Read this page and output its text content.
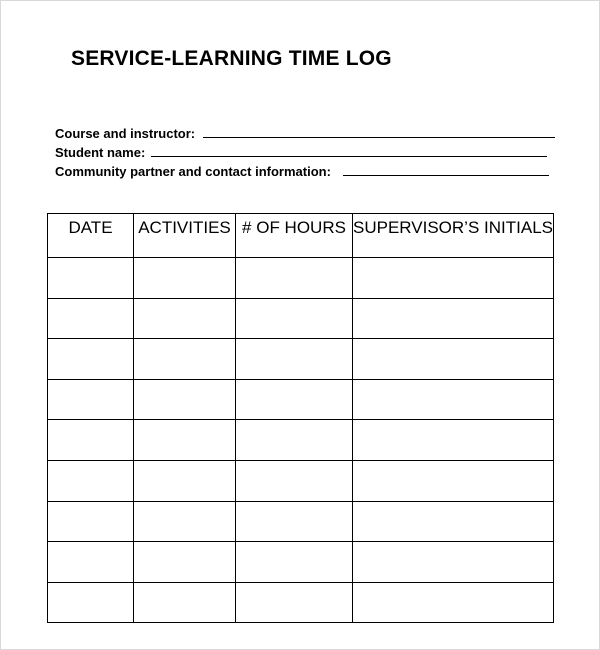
SERVICE-LEARNING TIME LOG
Course and instructor:
Student name:
Community partner and contact information:
DATE	ACTIVITIES	# OF HOURS	SUPERVISOR’S INITIALS
